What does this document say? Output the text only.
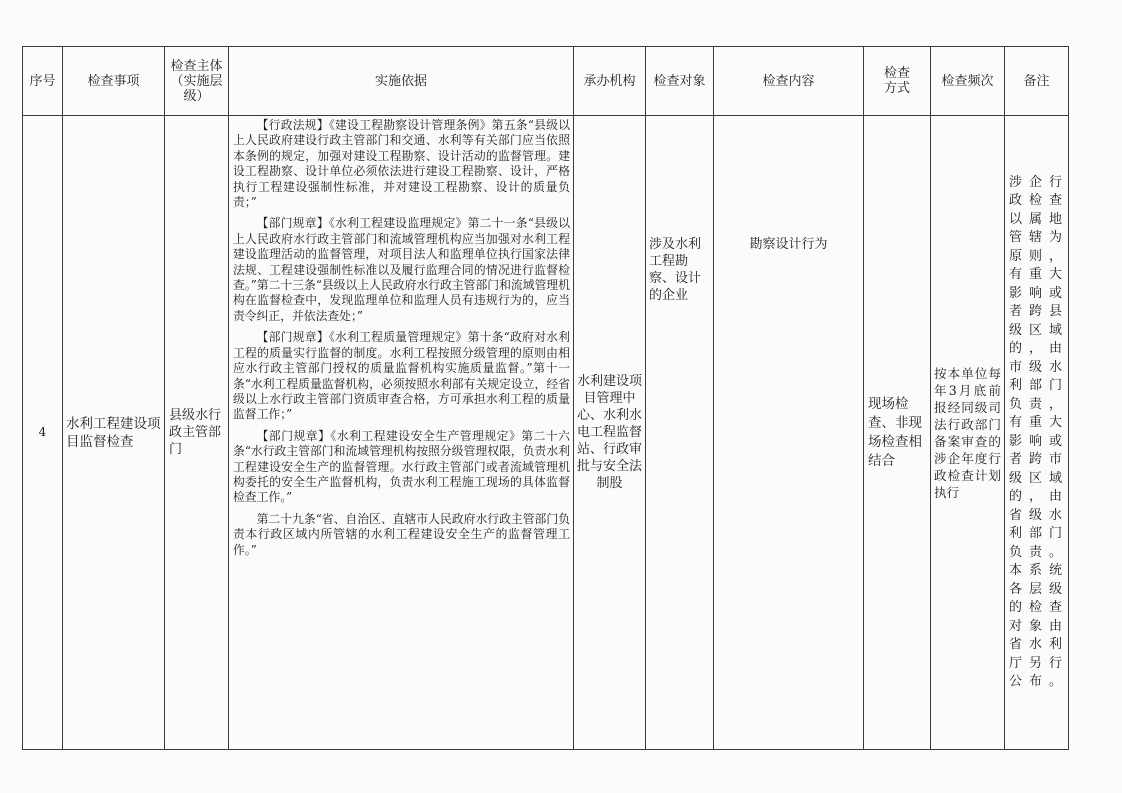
序号	检查事项	检查主体（实施层级）	实施依据	承办机构	检查对象	检查内容	检查方式	检查频次	备注
4	水利工程建设项目监督检查	县级水行政主管部门	【行政法规】《建设工程勘察设计管理条例》第五条“县级以上人民政府建设行政主管部门和交通、水利等有关部门应当依照本条例的规定，加强对建设工程勘察、设计活动的监督管理。建设工程勘察、设计单位必须依法进行建设工程勘察、设计，严格执行工程建设强制性标准，并对建设工程勘察、设计的质量负责；”

【部门规章】《水利工程建设监理规定》第二十一条“县级以上人民政府水行政主管部门和流域管理机构应当加强对水利工程建设监理活动的监督管理，对项目法人和监理单位执行国家法律法规、工程建设强制性标准以及履行监理合同的情况进行监督检查。”第二十三条“县级以上人民政府水行政主管部门和流域管理机构在监督检查中，发现监理单位和监理人员有违规行为的，应当责令纠正，并依法查处；”

【部门规章】《水利工程质量管理规定》第十条“政府对水利工程的质量实行监督的制度。水利工程按照分级管理的原则由相应水行政主管部门授权的质量监督机构实施质量监督。”第十一条“水利工程质量监督机构，必须按照水利部有关规定设立，经省级以上水行政主管部门资质审查合格，方可承担水利工程的质量监督工作；”

【部门规章】《水利工程建设安全生产管理规定》第二十六条“水行政主管部门和流域管理机构按照分级管理权限，负责水利工程建设安全生产的监督管理。水行政主管部门或者流域管理机构委托的安全生产监督机构，负责水利工程施工现场的具体监督检查工作。”

第二十九条“省、自治区、直辖市人民政府水行政主管部门负责本行政区域内所管辖的水利工程建设安全生产的监督管理工作。”	水利建设项目管理中心、水利水电工程监督站、行政审批与安全法制股	涉及水利工程勘察、设计的企业	勘察设计行为	现场检查、非现场检查相结合	按本单位每年3月底前报经同级司法行政部门备案审查的涉企年度行政检查计划执行	涉企行政检查以属地管辖为原则，有重大影响或者跨县级区域的，由市级水利部门负责，有重大影响或者跨市级区域的，由省级水利部门负责。本系统各层级的检查对象由省水利厅另行公布。
